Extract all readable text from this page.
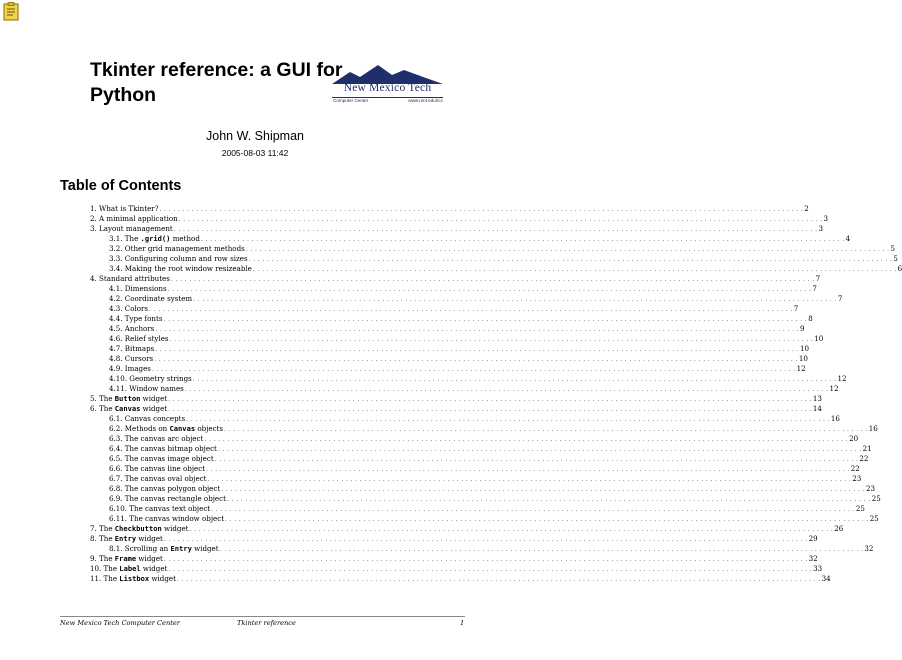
Tkinter reference: a GUI for Python	New Mexico Tech
Computer Center	www.nmt.edu/tcc
John W. Shipman
2005-08-03 11:42
Table of Contents
1. What is Tkinter? . . . . . . . . . . . . . . . . . . . . . . . . . . . . . . . . . . . . . . . . . . . . . . . . . . . . . . . . . . . . . . . . . . . . . . . . . . . . . . . . . . . . . . . . . . . . . . . . . . . . . . . . . . . . . . . . . . . . . . . . . . . . . . . . . . . . . . . . . . . . 2
2. A minimal application . . . . . . . . . . . . . . . . . . . . . . . . . . . . . . . . . . . . . . . . . . . . . . . . . . . . . . . . . . . . . . . . . . . . . . . . . . . . . . . . . . . . . . . . . . . . . . . . . . . . . . . . . . . . . . . . . . . . . . . . . . . . . . . . . . . . . . . . . . . . 3
3. Layout management . . . . . . . . . . . . . . . . . . . . . . . . . . . . . . . . . . . . . . . . . . . . . . . . . . . . . . . . . . . . . . . . . . . . . . . . . . . . . . . . . . . . . . . . . . . . . . . . . . . . . . . . . . . . . . . . . . . . . . . . . . . . . . . . . . . . . . . . . . . . 3
3.1. The .grid() method . . . . . . . . . . . . . . . . . . . . . . . . . . . . . . . . . . . . . . . . . . . . . . . . . . . . . . . . . . . . . . . . . . . . . . . . . . . . . . . . . . . . . . . . . . . . . . . . . . . . . . . . . . . . . . . . . . . . . . . . . . . . . . . . . . . . . . . . . . . . 4
3.2. Other grid management methods . . . . . . . . . . . . . . . . . . . . . . . . . . . . . . . . . . . . . . . . . . . . . . . . . . . . . . . . . . . . . . . . . . . . . . . . . . . . . . . . . . . . . . . . . . . . . . . . . . . . . . . . . . . . . . . . . . . . . . . . . . . . . . . . . . . . . . . . . . . . 5
3.3. Configuring column and row sizes . . . . . . . . . . . . . . . . . . . . . . . . . . . . . . . . . . . . . . . . . . . . . . . . . . . . . . . . . . . . . . . . . . . . . . . . . . . . . . . . . . . . . . . . . . . . . . . . . . . . . . . . . . . . . . . . . . . . . . . . . . . . . . . . . . . . . . . . . . . . 5
3.4. Making the root window resizeable . . . . . . . . . . . . . . . . . . . . . . . . . . . . . . . . . . . . . . . . . . . . . . . . . . . . . . . . . . . . . . . . . . . . . . . . . . . . . . . . . . . . . . . . . . . . . . . . . . . . . . . . . . . . . . . . . . . . . . . . . . . . . . . . . . . . . . . . . . . . 6
4. Standard attributes . . . . . . . . . . . . . . . . . . . . . . . . . . . . . . . . . . . . . . . . . . . . . . . . . . . . . . . . . . . . . . . . . . . . . . . . . . . . . . . . . . . . . . . . . . . . . . . . . . . . . . . . . . . . . . . . . . . . . . . . . . . . . . . . . . . . . . . . . . . . 7
4.1. Dimensions . . . . . . . . . . . . . . . . . . . . . . . . . . . . . . . . . . . . . . . . . . . . . . . . . . . . . . . . . . . . . . . . . . . . . . . . . . . . . . . . . . . . . . . . . . . . . . . . . . . . . . . . . . . . . . . . . . . . . . . . . . . . . . . . . . . . . . . . . . . . 7
4.2. Coordinate system . . . . . . . . . . . . . . . . . . . . . . . . . . . . . . . . . . . . . . . . . . . . . . . . . . . . . . . . . . . . . . . . . . . . . . . . . . . . . . . . . . . . . . . . . . . . . . . . . . . . . . . . . . . . . . . . . . . . . . . . . . . . . . . . . . . . . . . . . . . . 7
4.3. Colors . . . . . . . . . . . . . . . . . . . . . . . . . . . . . . . . . . . . . . . . . . . . . . . . . . . . . . . . . . . . . . . . . . . . . . . . . . . . . . . . . . . . . . . . . . . . . . . . . . . . . . . . . . . . . . . . . . . . . . . . . . . . . . . . . . . . . . . . . . . . 7
4.4. Type fonts . . . . . . . . . . . . . . . . . . . . . . . . . . . . . . . . . . . . . . . . . . . . . . . . . . . . . . . . . . . . . . . . . . . . . . . . . . . . . . . . . . . . . . . . . . . . . . . . . . . . . . . . . . . . . . . . . . . . . . . . . . . . . . . . . . . . . . . . . . . . 8
4.5. Anchors . . . . . . . . . . . . . . . . . . . . . . . . . . . . . . . . . . . . . . . . . . . . . . . . . . . . . . . . . . . . . . . . . . . . . . . . . . . . . . . . . . . . . . . . . . . . . . . . . . . . . . . . . . . . . . . . . . . . . . . . . . . . . . . . . . . . . . . . . . . . 9
4.6. Relief styles . . . . . . . . . . . . . . . . . . . . . . . . . . . . . . . . . . . . . . . . . . . . . . . . . . . . . . . . . . . . . . . . . . . . . . . . . . . . . . . . . . . . . . . . . . . . . . . . . . . . . . . . . . . . . . . . . . . . . . . . . . . . . . . . . . . . . . . . . . . . 10
4.7. Bitmaps . . . . . . . . . . . . . . . . . . . . . . . . . . . . . . . . . . . . . . . . . . . . . . . . . . . . . . . . . . . . . . . . . . . . . . . . . . . . . . . . . . . . . . . . . . . . . . . . . . . . . . . . . . . . . . . . . . . . . . . . . . . . . . . . . . . . . . . . . . . . 10
4.8. Cursors . . . . . . . . . . . . . . . . . . . . . . . . . . . . . . . . . . . . . . . . . . . . . . . . . . . . . . . . . . . . . . . . . . . . . . . . . . . . . . . . . . . . . . . . . . . . . . . . . . . . . . . . . . . . . . . . . . . . . . . . . . . . . . . . . . . . . . . . . . . . 10
4.9. Images . . . . . . . . . . . . . . . . . . . . . . . . . . . . . . . . . . . . . . . . . . . . . . . . . . . . . . . . . . . . . . . . . . . . . . . . . . . . . . . . . . . . . . . . . . . . . . . . . . . . . . . . . . . . . . . . . . . . . . . . . . . . . . . . . . . . . . . . . . . . 12
4.10. Geometry strings . . . . . . . . . . . . . . . . . . . . . . . . . . . . . . . . . . . . . . . . . . . . . . . . . . . . . . . . . . . . . . . . . . . . . . . . . . . . . . . . . . . . . . . . . . . . . . . . . . . . . . . . . . . . . . . . . . . . . . . . . . . . . . . . . . . . . . . . . . . . 12
4.11. Window names . . . . . . . . . . . . . . . . . . . . . . . . . . . . . . . . . . . . . . . . . . . . . . . . . . . . . . . . . . . . . . . . . . . . . . . . . . . . . . . . . . . . . . . . . . . . . . . . . . . . . . . . . . . . . . . . . . . . . . . . . . . . . . . . . . . . . . . . . . . . 12
5. The Button widget . . . . . . . . . . . . . . . . . . . . . . . . . . . . . . . . . . . . . . . . . . . . . . . . . . . . . . . . . . . . . . . . . . . . . . . . . . . . . . . . . . . . . . . . . . . . . . . . . . . . . . . . . . . . . . . . . . . . . . . . . . . . . . . . . . . . . . . . . . . . 13
6. The Canvas widget . . . . . . . . . . . . . . . . . . . . . . . . . . . . . . . . . . . . . . . . . . . . . . . . . . . . . . . . . . . . . . . . . . . . . . . . . . . . . . . . . . . . . . . . . . . . . . . . . . . . . . . . . . . . . . . . . . . . . . . . . . . . . . . . . . . . . . . . . . . . 14
6.1. Canvas concepts . . . . . . . . . . . . . . . . . . . . . . . . . . . . . . . . . . . . . . . . . . . . . . . . . . . . . . . . . . . . . . . . . . . . . . . . . . . . . . . . . . . . . . . . . . . . . . . . . . . . . . . . . . . . . . . . . . . . . . . . . . . . . . . . . . . . . . . . . . . . 16
6.2. Methods on Canvas objects . . . . . . . . . . . . . . . . . . . . . . . . . . . . . . . . . . . . . . . . . . . . . . . . . . . . . . . . . . . . . . . . . . . . . . . . . . . . . . . . . . . . . . . . . . . . . . . . . . . . . . . . . . . . . . . . . . . . . . . . . . . . . . . . . . . . . . . . . . . . 16
6.3. The canvas arc object . . . . . . . . . . . . . . . . . . . . . . . . . . . . . . . . . . . . . . . . . . . . . . . . . . . . . . . . . . . . . . . . . . . . . . . . . . . . . . . . . . . . . . . . . . . . . . . . . . . . . . . . . . . . . . . . . . . . . . . . . . . . . . . . . . . . . . . . . . . . 20
6.4. The canvas bitmap object . . . . . . . . . . . . . . . . . . . . . . . . . . . . . . . . . . . . . . . . . . . . . . . . . . . . . . . . . . . . . . . . . . . . . . . . . . . . . . . . . . . . . . . . . . . . . . . . . . . . . . . . . . . . . . . . . . . . . . . . . . . . . . . . . . . . . . . . . . . . 21
6.5. The canvas image object . . . . . . . . . . . . . . . . . . . . . . . . . . . . . . . . . . . . . . . . . . . . . . . . . . . . . . . . . . . . . . . . . . . . . . . . . . . . . . . . . . . . . . . . . . . . . . . . . . . . . . . . . . . . . . . . . . . . . . . . . . . . . . . . . . . . . . . . . . . . 22
6.6. The canvas line object . . . . . . . . . . . . . . . . . . . . . . . . . . . . . . . . . . . . . . . . . . . . . . . . . . . . . . . . . . . . . . . . . . . . . . . . . . . . . . . . . . . . . . . . . . . . . . . . . . . . . . . . . . . . . . . . . . . . . . . . . . . . . . . . . . . . . . . . . . . . 22
6.7. The canvas oval object . . . . . . . . . . . . . . . . . . . . . . . . . . . . . . . . . . . . . . . . . . . . . . . . . . . . . . . . . . . . . . . . . . . . . . . . . . . . . . . . . . . . . . . . . . . . . . . . . . . . . . . . . . . . . . . . . . . . . . . . . . . . . . . . . . . . . . . . . . . . 23
6.8. The canvas polygon object . . . . . . . . . . . . . . . . . . . . . . . . . . . . . . . . . . . . . . . . . . . . . . . . . . . . . . . . . . . . . . . . . . . . . . . . . . . . . . . . . . . . . . . . . . . . . . . . . . . . . . . . . . . . . . . . . . . . . . . . . . . . . . . . . . . . . . . . . . . . 23
6.9. The canvas rectangle object . . . . . . . . . . . . . . . . . . . . . . . . . . . . . . . . . . . . . . . . . . . . . . . . . . . . . . . . . . . . . . . . . . . . . . . . . . . . . . . . . . . . . . . . . . . . . . . . . . . . . . . . . . . . . . . . . . . . . . . . . . . . . . . . . . . . . . . . . . . . 25
6.10. The canvas text object . . . . . . . . . . . . . . . . . . . . . . . . . . . . . . . . . . . . . . . . . . . . . . . . . . . . . . . . . . . . . . . . . . . . . . . . . . . . . . . . . . . . . . . . . . . . . . . . . . . . . . . . . . . . . . . . . . . . . . . . . . . . . . . . . . . . . . . . . . . . 25
6.11. The canvas window object . . . . . . . . . . . . . . . . . . . . . . . . . . . . . . . . . . . . . . . . . . . . . . . . . . . . . . . . . . . . . . . . . . . . . . . . . . . . . . . . . . . . . . . . . . . . . . . . . . . . . . . . . . . . . . . . . . . . . . . . . . . . . . . . . . . . . . . . . . . . 25
7. The Checkbutton widget . . . . . . . . . . . . . . . . . . . . . . . . . . . . . . . . . . . . . . . . . . . . . . . . . . . . . . . . . . . . . . . . . . . . . . . . . . . . . . . . . . . . . . . . . . . . . . . . . . . . . . . . . . . . . . . . . . . . . . . . . . . . . . . . . . . . . . . . . . . . 26
8. The Entry widget . . . . . . . . . . . . . . . . . . . . . . . . . . . . . . . . . . . . . . . . . . . . . . . . . . . . . . . . . . . . . . . . . . . . . . . . . . . . . . . . . . . . . . . . . . . . . . . . . . . . . . . . . . . . . . . . . . . . . . . . . . . . . . . . . . . . . . . . . . . . 29
8.1. Scrolling an Entry widget . . . . . . . . . . . . . . . . . . . . . . . . . . . . . . . . . . . . . . . . . . . . . . . . . . . . . . . . . . . . . . . . . . . . . . . . . . . . . . . . . . . . . . . . . . . . . . . . . . . . . . . . . . . . . . . . . . . . . . . . . . . . . . . . . . . . . . . . . . . . 32
9. The Frame widget . . . . . . . . . . . . . . . . . . . . . . . . . . . . . . . . . . . . . . . . . . . . . . . . . . . . . . . . . . . . . . . . . . . . . . . . . . . . . . . . . . . . . . . . . . . . . . . . . . . . . . . . . . . . . . . . . . . . . . . . . . . . . . . . . . . . . . . . . . . . 32
10. The Label widget . . . . . . . . . . . . . . . . . . . . . . . . . . . . . . . . . . . . . . . . . . . . . . . . . . . . . . . . . . . . . . . . . . . . . . . . . . . . . . . . . . . . . . . . . . . . . . . . . . . . . . . . . . . . . . . . . . . . . . . . . . . . . . . . . . . . . . . . . . . . 33
11. The Listbox widget . . . . . . . . . . . . . . . . . . . . . . . . . . . . . . . . . . . . . . . . . . . . . . . . . . . . . . . . . . . . . . . . . . . . . . . . . . . . . . . . . . . . . . . . . . . . . . . . . . . . . . . . . . . . . . . . . . . . . . . . . . . . . . . . . . . . . . . . . . . . 34
New Mexico Tech Computer Center	Tkinter reference	1
